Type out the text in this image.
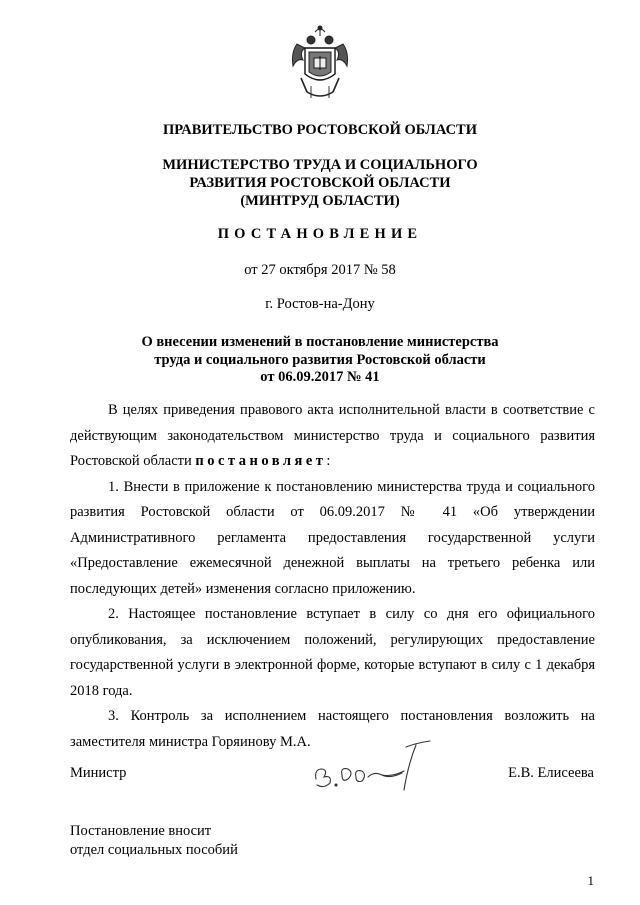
ПРАВИТЕЛЬСТВО РОСТОВСКОЙ ОБЛАСТИ
МИНИСТЕРСТВО ТРУДА И СОЦИАЛЬНОГО
РАЗВИТИЯ РОСТОВСКОЙ ОБЛАСТИ
(МИНТРУД ОБЛАСТИ)
ПОСТАНОВЛЕНИЕ
от 27 октября 2017 № 58
г. Ростов-на-Дону
О внесении изменений в постановление министерства
труда и социального развития Ростовской области
от 06.09.2017 № 41

В целях приведения правового акта исполнительной власти в соответствие с действующим законодательством министерство труда и социального развития Ростовской области постановляет:

1. Внести в приложение к постановлению министерства труда и социального развития Ростовской области от 06.09.2017 № 41 «Об утверждении Административного регламента предоставления государственной услуги «Предоставление ежемесячной денежной выплаты на третьего ребенка или последующих детей» изменения согласно приложению.

2. Настоящее постановление вступает в силу со дня его официального опубликования, за исключением положений, регулирующих предоставление государственной услуги в электронной форме, которые вступают в силу с 1 декабря 2018 года.

3. Контроль за исполнением настоящего постановления возложить на заместителя министра Горяинову М.А.

Министр	Е.В. Елисеева
Постановление вносит
отдел социальных пособий
1
